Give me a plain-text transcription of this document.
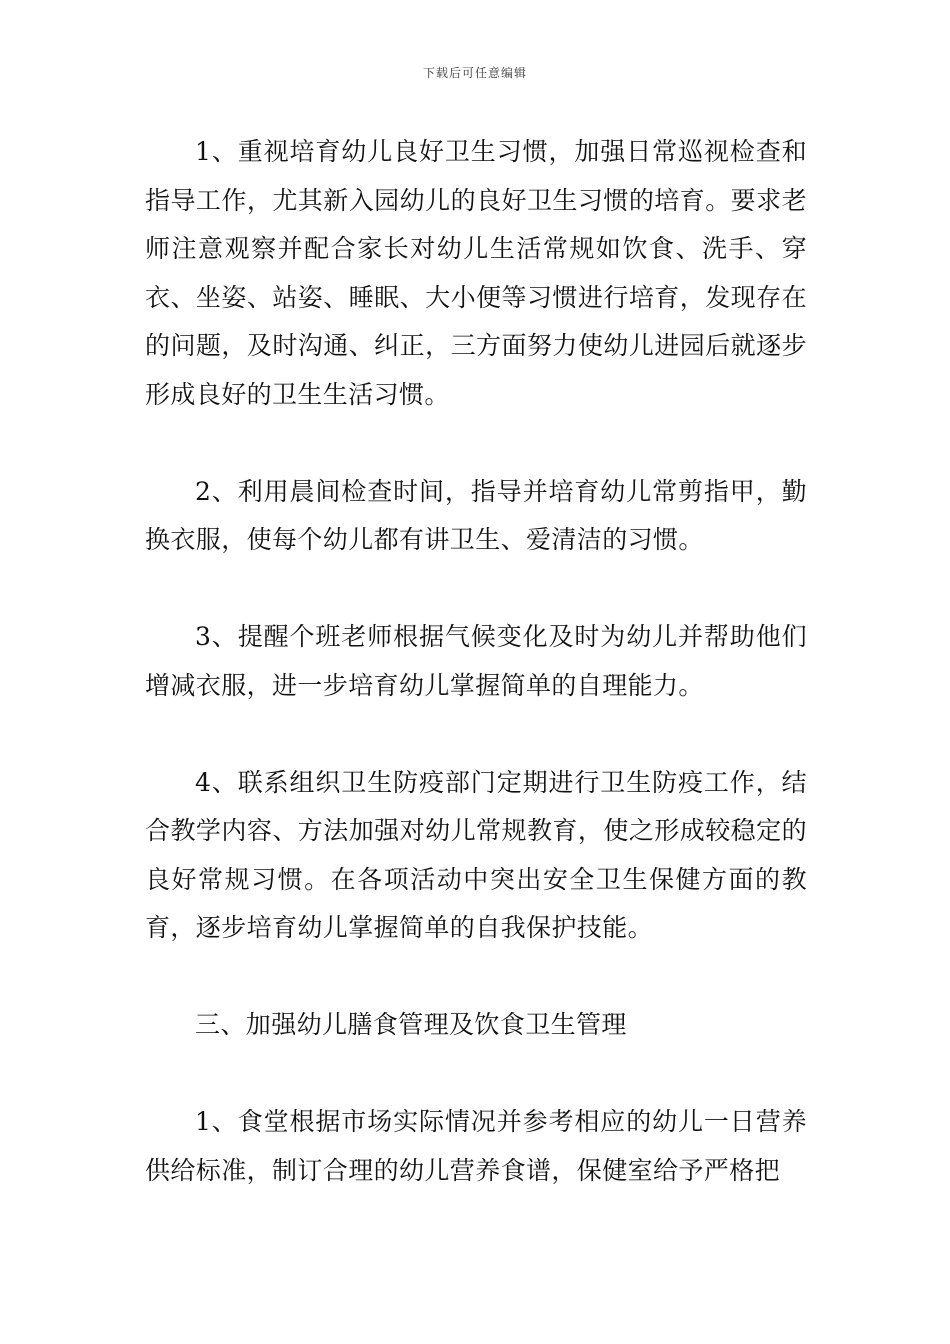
下载后可任意编辑

1、重视培育幼儿良好卫生习惯，加强日常巡视检查和指导工作，尤其新入园幼儿的良好卫生习惯的培育。要求老师注意观察并配合家长对幼儿生活常规如饮食、洗手、穿衣、坐姿、站姿、睡眠、大小便等习惯进行培育，发现存在的问题，及时沟通、纠正，三方面努力使幼儿进园后就逐步形成良好的卫生生活习惯。

2、利用晨间检查时间，指导并培育幼儿常剪指甲，勤换衣服，使每个幼儿都有讲卫生、爱清洁的习惯。

3、提醒个班老师根据气候变化及时为幼儿并帮助他们增减衣服，进一步培育幼儿掌握简单的自理能力。

4、联系组织卫生防疫部门定期进行卫生防疫工作，结合教学内容、方法加强对幼儿常规教育，使之形成较稳定的良好常规习惯。在各项活动中突出安全卫生保健方面的教育，逐步培育幼儿掌握简单的自我保护技能。

三、加强幼儿膳食管理及饮食卫生管理

1、食堂根据市场实际情况并参考相应的幼儿一日营养供给标准，制订合理的幼儿营养食谱，保健室给予严格把
